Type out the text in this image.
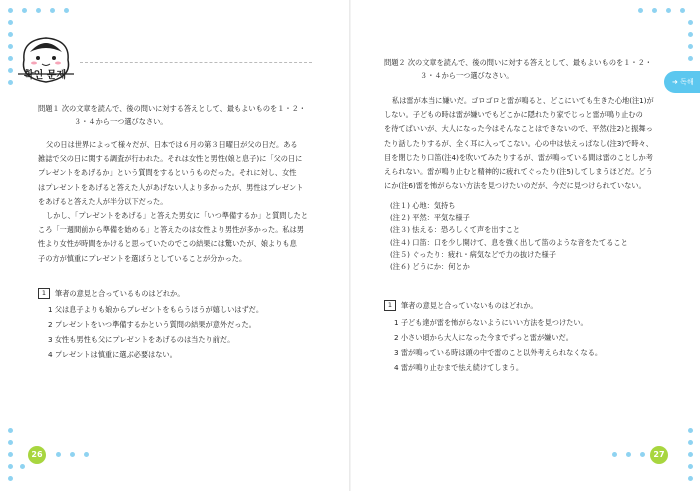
확인 문제
問題１ 次の文章を読んで、後の問いに対する答えとして、最もよいものを１・２・
３・４から一つ選びなさい。

父の日は世界によって様々だが、日本では６月の第３日曜日が父の日だ。ある

雑誌で父の日に関する調査が行われた。それは女性と男性(娘と息子)に「父の日に

プレゼントをあげるか」という質問をするというものだった。それに対し、女性

はプレゼントをあげると答えた人があげない人より多かったが、男性はプレゼント

をあげると答えた人が半分以下だった。

しかし、「プレゼントをあげる」と答えた男女に「いつ準備するか」と質問したと

ころ「一週間前から準備を始める」と答えたのは女性より男性が多かった。私は男

性より女性が時間をかけると思っていたのでこの結果には驚いたが、娘よりも息

子の方が慎重にプレゼントを選ぼうとしていることが分かった。

1	筆者の意見と合っているものはどれか。
1 父は息子よりも娘からプレゼントをもらうほうが嬉しいはずだ。
2 プレゼントをいつ準備するかという質問の結果が意外だった。
3 女性も男性も父にプレゼントをあげるのは当たり前だ。
4 プレゼントは慎重に選ぶ必要はない。
26
問題２ 次の文章を読んで、後の問いに対する答えとして、最もよいものを１・２・
３・４から一つ選びなさい。

私は雷が本当に嫌いだ。ゴロゴロと雷が鳴ると、どこにいても生きた心地(注1)が

しない。子どもの時は雷が嫌いでもどこかに隠れたり家でじっと雷が鳴り止むの

を待てばいいが、大人になった今はそんなことはできないので、平然(注2)と振舞っ

たり話したりするが、全く耳に入ってこない。心の中は怯えっぱなし(注3)で時々、

目を閉じたり口笛(注4)を吹いてみたりするが、雷が鳴っている間は雷のことしか考

えられない。雷が鳴り止むと精神的に疲れてぐったり(注5)してしまうほどだ。どう

にか(注6)雷を怖がらない方法を見つけたいのだが、今だに見つけられていない。

(注１) 心地：気持ち
(注２) 平然：平気な様子
(注３) 怯える：恐ろしくて声を出すこと
(注４) 口笛：口を少し開けて、息を強く出して笛のような音をたてること
(注５) ぐったり：疲れ・病気などで力の抜けた様子
(注６) どうにか：何とか
1	筆者の意見と合っていないものはどれか。
1 子ども達が雷を怖がらないようにいい方法を見つけたい。
2 小さい頃から大人になった今までずっと雷が嫌いだ。
3 雷が鳴っている時は頭の中で雷のこと以外考えられなくなる。
4 雷が鳴り止むまで怯え続けてしまう。
27
➜ 독해
